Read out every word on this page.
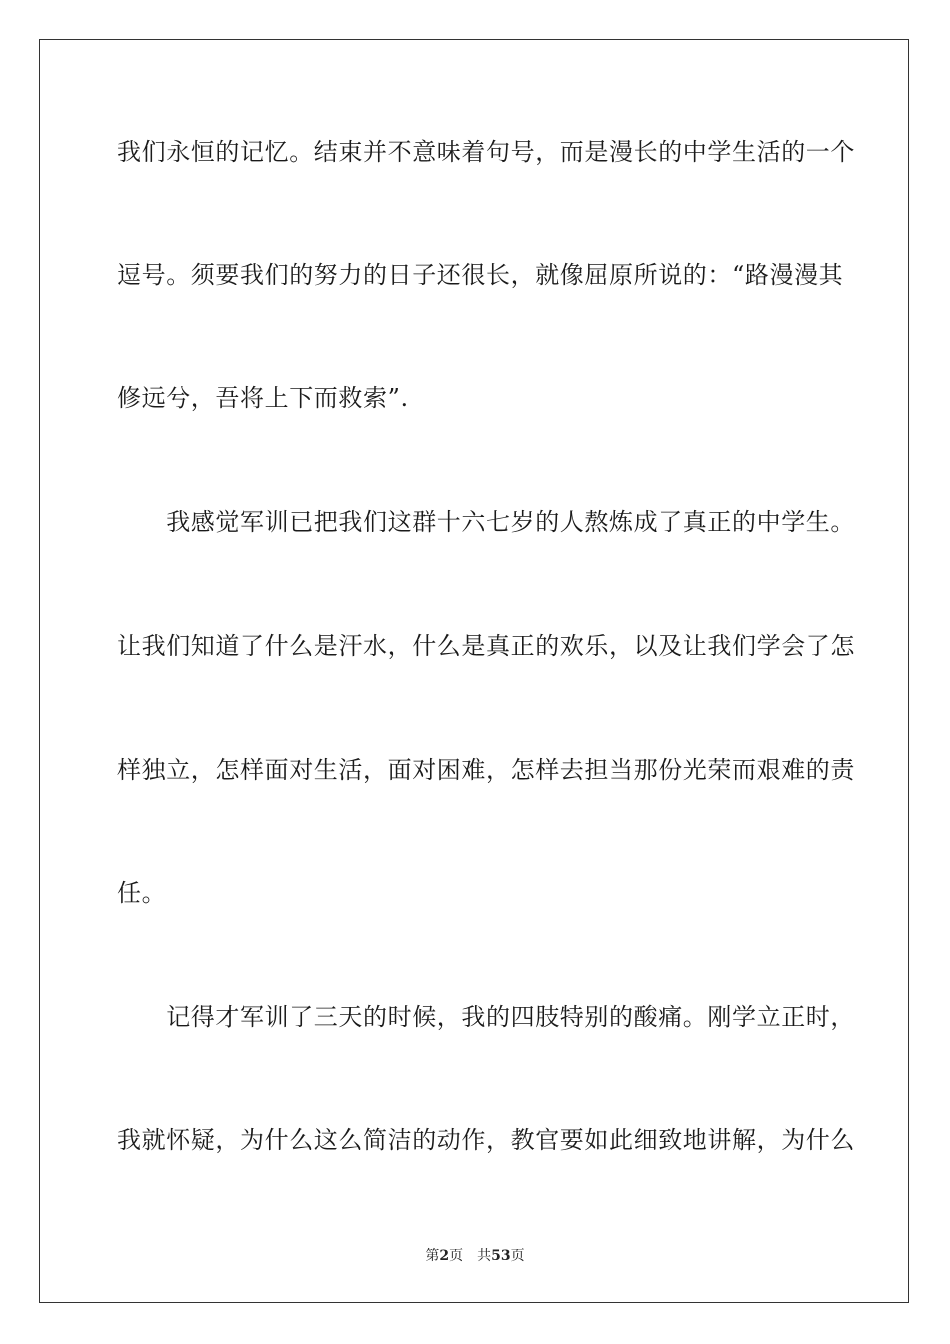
我们永恒的记忆。结束并不意味着句号，而是漫长的中学生活的一个
逗号。须要我们的努力的日子还很长，就像屈原所说的：“路漫漫其
修远兮，吾将上下而救索”.
　　我感觉军训已把我们这群十六七岁的人熬炼成了真正的中学生。
让我们知道了什么是汗水，什么是真正的欢乐，以及让我们学会了怎
样独立，怎样面对生活，面对困难，怎样去担当那份光荣而艰难的责
任。
　　记得才军训了三天的时候，我的四肢特别的酸痛。刚学立正时，
我就怀疑，为什么这么简洁的动作，教官要如此细致地讲解，为什么
第2页 共53页
